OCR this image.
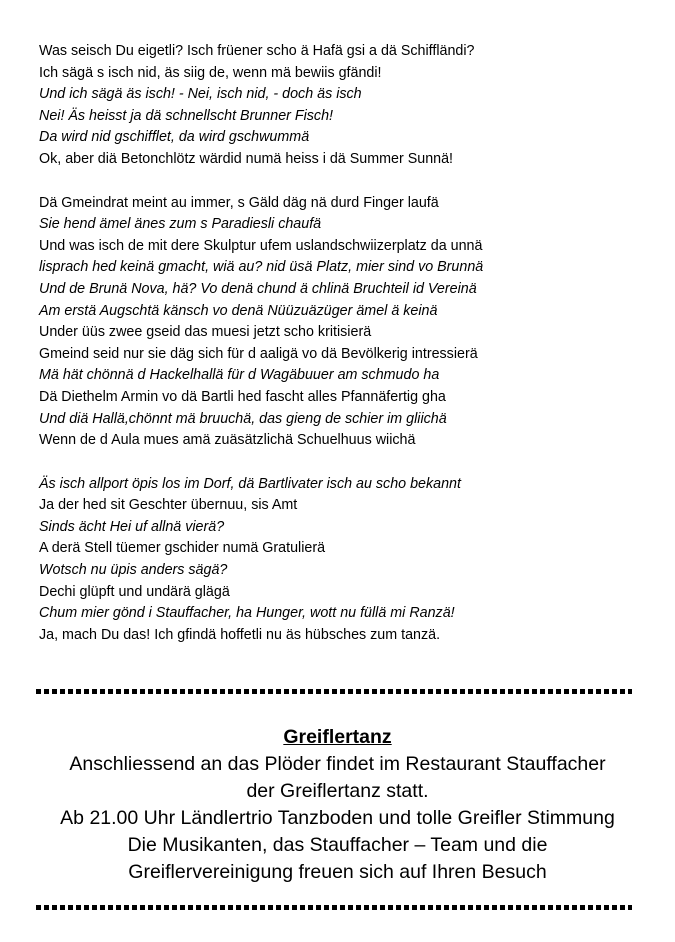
Was seisch Du eigetli? Isch früener scho ä Hafä gsi a dä Schiffländi?
Ich sägä s isch nid, äs siig de, wenn mä bewiis gfändi!
Und ich sägä äs isch! - Nei, isch nid, - doch äs isch
Nei! Äs heisst ja dä schnellscht Brunner Fisch!
Da wird nid gschifflet, da wird gschwummä
Ok, aber diä Betonchlötz wärdid numä heiss i dä Summer Sunnä!
Dä Gmeindrat meint au immer, s Gäld däg nä durd Finger laufä
Sie hend ämel änes zum s Paradiesli chaufä
Und was isch de mit dere Skulptur ufem uslandschwiizerplatz da unnä
lisprach hed keinä gmacht, wiä au? nid üsä Platz, mier sind vo Brunnä
Und de Brunä Nova, hä? Vo denä chund ä chlinä Bruchteil id Vereinä
Am erstä Augschtä känsch vo denä Nüüzuäzüger ämel ä keinä
Under üüs zwee gseid das muesi jetzt scho kritisierä
Gmeind seid nur sie däg sich für d aaligä vo dä Bevölkerig intressierä
Mä hät chönnä d Hackelhallä für d Wagäbuuer am schmudo ha
Dä Diethelm Armin vo dä Bartli hed fascht alles Pfannäfertig gha
Und diä Hallä,chönnt mä bruuchä, das gieng de schier im gliichä
Wenn de d Aula mues amä zuäsätzlichä Schuelhuus wiichä
Äs isch allport öpis los im Dorf, dä Bartlivater isch au scho bekannt
Ja der hed sit Geschter übernuu, sis Amt
Sinds ächt Hei uf allnä vierä?
A derä Stell tüemer gschider numä Gratulierä
Wotsch nu üpis anders sägä?
Dechi glüpft und undärä glägä
Chum mier gönd i Stauffacher, ha Hunger, wott nu füllä mi Ranzä!
Ja, mach Du das! Ich gfindä hoffetli nu äs hübsches zum tanzä.
Greiflertanz
Anschliessend an das Plöder findet im Restaurant Stauffacher
der Greiflertanz statt.
Ab 21.00 Uhr Ländlertrio Tanzboden und tolle Greifler Stimmung
Die Musikanten, das Stauffacher – Team und die
Greiflervereinigung freuen sich auf Ihren Besuch
